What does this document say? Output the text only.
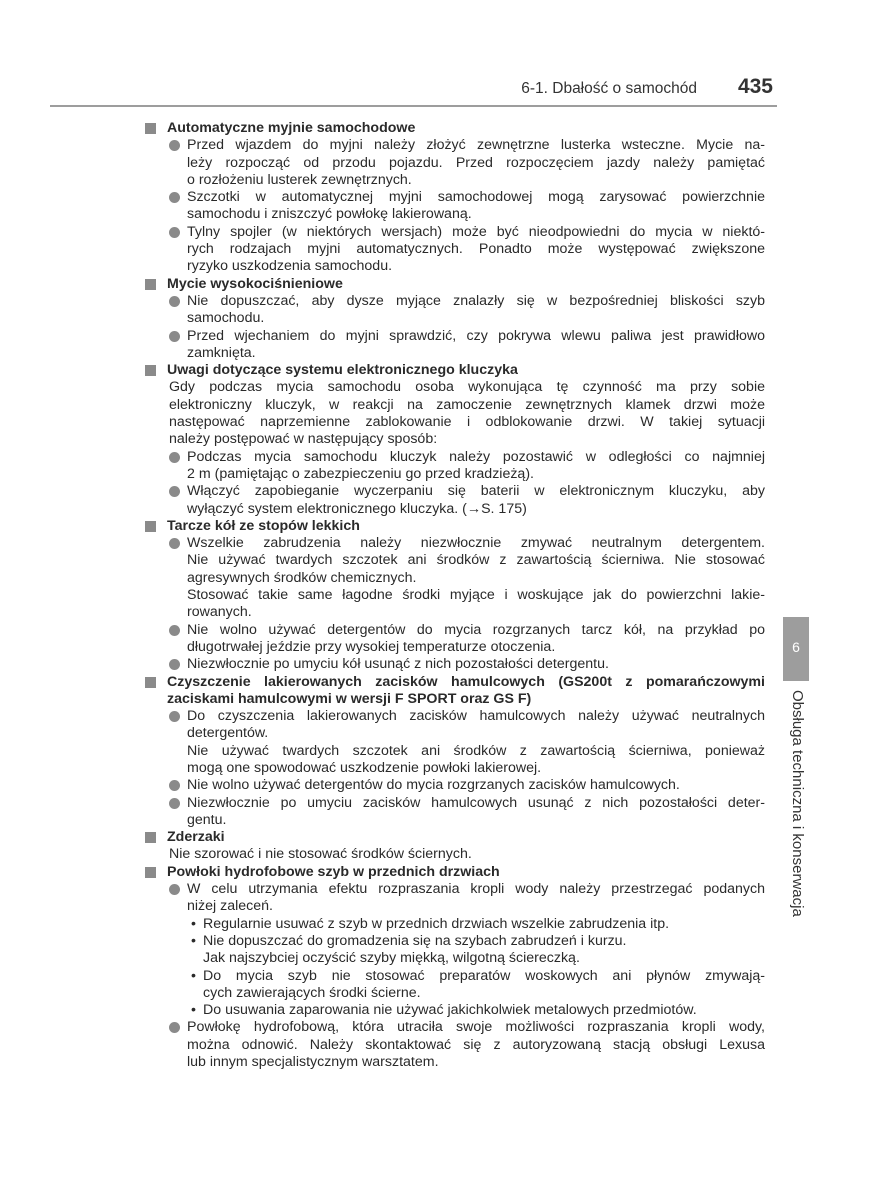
6-1. Dbałość o samochód 435
Automatyczne myjnie samochodowe
Przed wjazdem do myjni należy złożyć zewnętrzne lusterka wsteczne. Mycie na-
leży rozpocząć od przodu pojazdu. Przed rozpoczęciem jazdy należy pamiętać
o rozłożeniu lusterek zewnętrznych.
Szczotki w automatycznej myjni samochodowej mogą zarysować powierzchnie
samochodu i zniszczyć powłokę lakierowaną.
Tylny spojler (w niektórych wersjach) może być nieodpowiedni do mycia w niektó-
rych rodzajach myjni automatycznych. Ponadto może występować zwiększone
ryzyko uszkodzenia samochodu.
Mycie wysokociśnieniowe
Nie dopuszczać, aby dysze myjące znalazły się w bezpośredniej bliskości szyb
samochodu.
Przed wjechaniem do myjni sprawdzić, czy pokrywa wlewu paliwa jest prawidłowo
zamknięta.
Uwagi dotyczące systemu elektronicznego kluczyka
Gdy podczas mycia samochodu osoba wykonująca tę czynność ma przy sobie
elektroniczny kluczyk, w reakcji na zamoczenie zewnętrznych klamek drzwi może
następować naprzemienne zablokowanie i odblokowanie drzwi. W takiej sytuacji
należy postępować w następujący sposób:
Podczas mycia samochodu kluczyk należy pozostawić w odległości co najmniej
2 m (pamiętając o zabezpieczeniu go przed kradzieżą).
Włączyć zapobieganie wyczerpaniu się baterii w elektronicznym kluczyku, aby
wyłączyć system elektronicznego kluczyka. (→S. 175)
Tarcze kół ze stopów lekkich
Wszelkie zabrudzenia należy niezwłocznie zmywać neutralnym detergentem.
Nie używać twardych szczotek ani środków z zawartością ścierniwa. Nie stosować
agresywnych środków chemicznych.
Stosować takie same łagodne środki myjące i woskujące jak do powierzchni lakie-
rowanych.
Nie wolno używać detergentów do mycia rozgrzanych tarcz kół, na przykład po
długotrwałej jeździe przy wysokiej temperaturze otoczenia.
Niezwłocznie po umyciu kół usunąć z nich pozostałości detergentu.
Czyszczenie lakierowanych zacisków hamulcowych (GS200t z pomarańczowymi
zaciskami hamulcowymi w wersji F SPORT oraz GS F)
Do czyszczenia lakierowanych zacisków hamulcowych należy używać neutralnych
detergentów.
Nie używać twardych szczotek ani środków z zawartością ścierniwa, ponieważ
mogą one spowodować uszkodzenie powłoki lakierowej.
Nie wolno używać detergentów do mycia rozgrzanych zacisków hamulcowych.
Niezwłocznie po umyciu zacisków hamulcowych usunąć z nich pozostałości deter-
gentu.
Zderzaki
Nie szorować i nie stosować środków ściernych.
Powłoki hydrofobowe szyb w przednich drzwiach
W celu utrzymania efektu rozpraszania kropli wody należy przestrzegać podanych
niżej zaleceń.
• Regularnie usuwać z szyb w przednich drzwiach wszelkie zabrudzenia itp.
• Nie dopuszczać do gromadzenia się na szybach zabrudzeń i kurzu.
Jak najszybciej oczyścić szyby miękką, wilgotną ściereczką.
• Do mycia szyb nie stosować preparatów woskowych ani płynów zmywają-
cych zawierających środki ścierne.
• Do usuwania zaparowania nie używać jakichkolwiek metalowych przedmiotów.
Powłokę hydrofobową, która utraciła swoje możliwości rozpraszania kropli wody,
można odnowić. Należy skontaktować się z autoryzowaną stacją obsługi Lexusa
lub innym specjalistycznym warsztatem.
6
Obsługa techniczna i konserwacja
